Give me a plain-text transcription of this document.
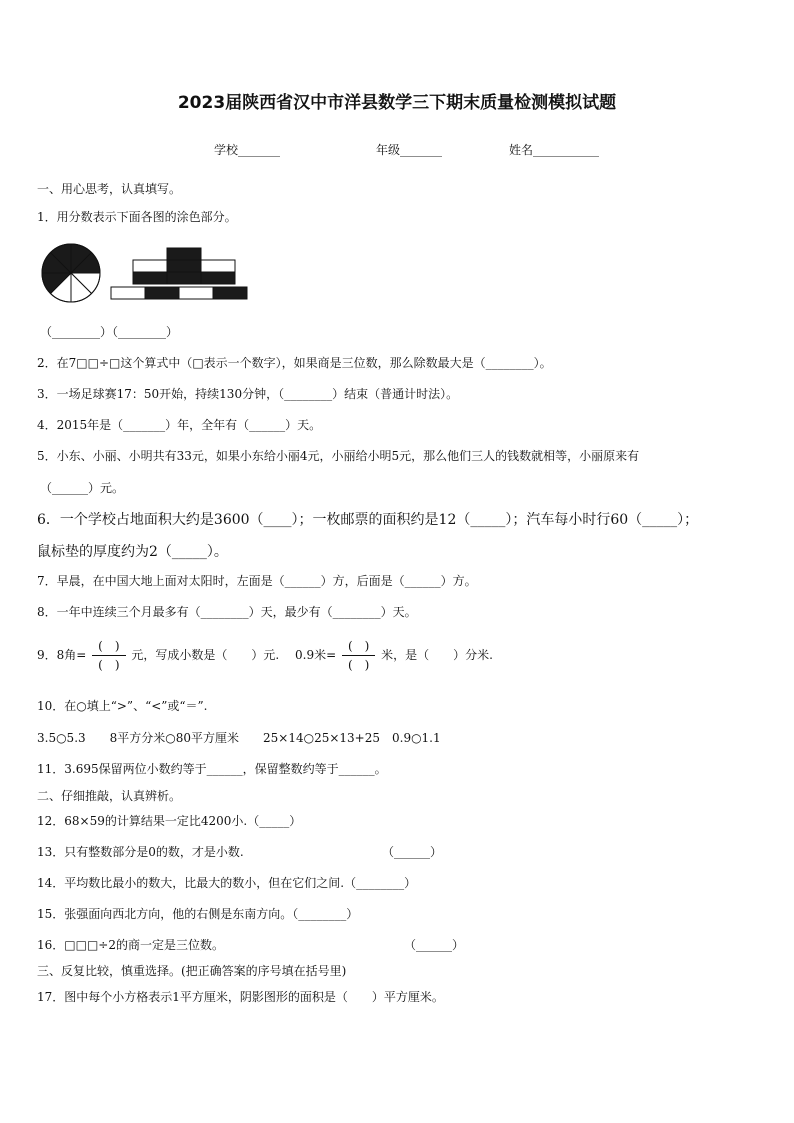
2023届陕西省汉中市洋县数学三下期末质量检测模拟试题
学校_______	年级_______	姓名___________
一、用心思考，认真填写。
1．用分数表示下面各图的涂色部分。
（________）（________）
2．在7□□÷□这个算式中（□表示一个数字），如果商是三位数，那么除数最大是（________）。
3．一场足球赛17：50开始，持续130分钟，（________）结束（普通计时法）。
4．2015年是（_______）年，全年有（______）天。
5．小东、小丽、小明共有33元，如果小东给小丽4元，小丽给小明5元，那么他们三人的钱数就相等，小丽原来有
（______）元。
6．一个学校占地面积大约是3600（____）；一枚邮票的面积约是12（_____）；汽车每小时行60（_____）；
鼠标垫的厚度约为2（_____）。
7．早晨，在中国大地上面对太阳时，左面是（______）方，后面是（______）方。
8．一年中连续三个月最多有（________）天，最少有（________）天。
9．8角= $\frac{( )}{( )}$ 元，写成小数是（　　）元.　 0.9米= $\frac{( )}{( )}$ 米，是（　　）分米.
10．在○填上“>”、“<”或“＝”.
3.5○5.3　　8平方分米○80平方厘米　　25×14○25×13+25　0.9○1.1
11．3.695保留两位小数约等于______，保留整数约等于______。
二、仔细推敲，认真辨析。
12．68×59的计算结果一定比4200小.（_____）
13．只有整数部分是0的数，才是小数.	（______）
14．平均数比最小的数大，比最大的数小，但在它们之间.（________）
15．张强面向西北方向，他的右侧是东南方向。（________）
16．□□□÷2的商一定是三位数。	（______）
三、反复比较，慎重选择。(把正确答案的序号填在括号里)
17．图中每个小方格表示1平方厘米，阴影图形的面积是（　　）平方厘米。
